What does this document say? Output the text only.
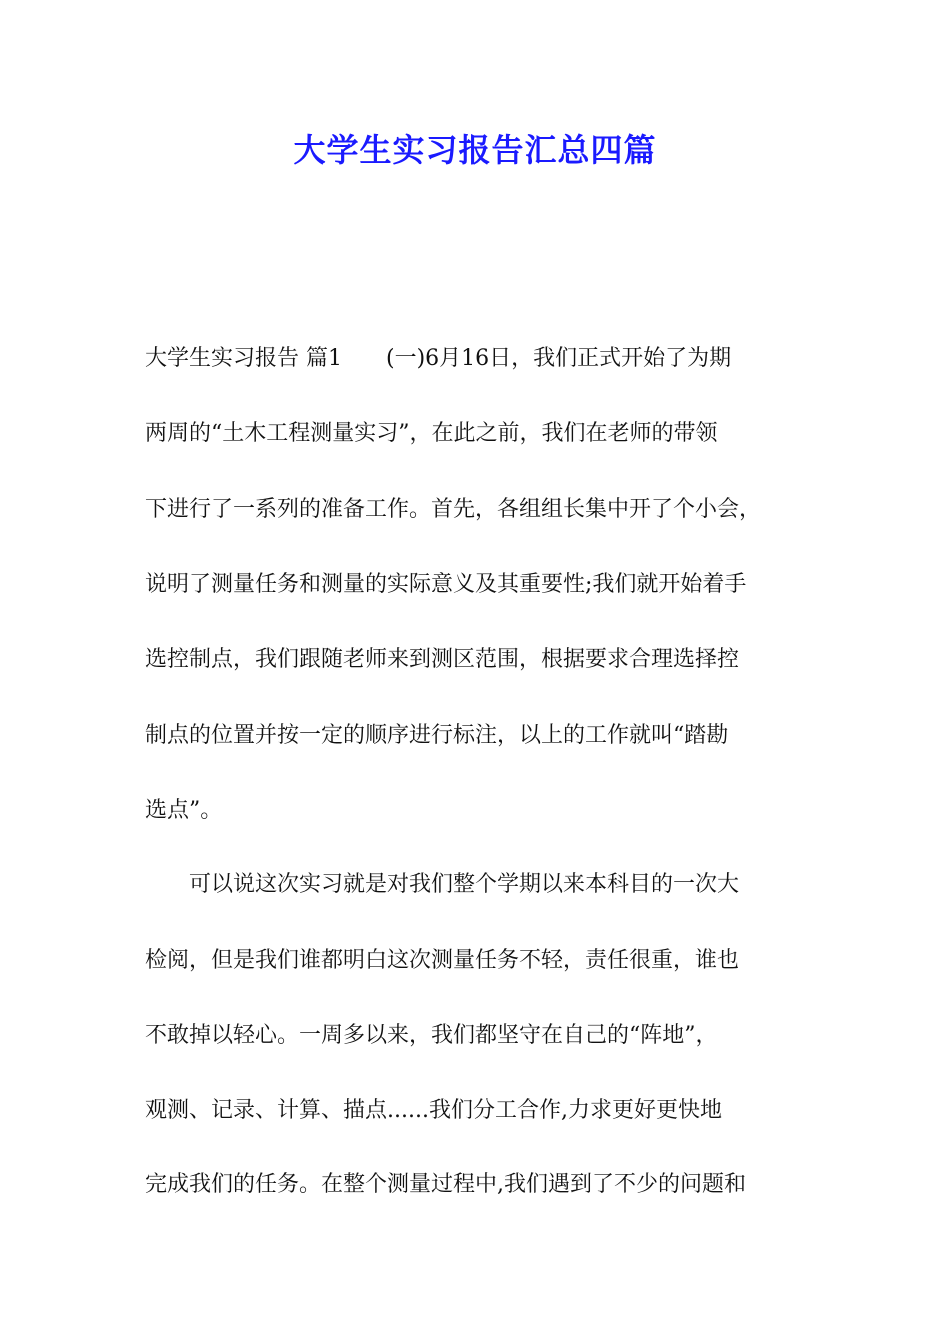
大学生实习报告汇总四篇
大学生实习报告 篇1　　(一)6月16日，我们正式开始了为期
两周的“土木工程测量实习”，在此之前，我们在老师的带领
下进行了一系列的准备工作。首先，各组组长集中开了个小会，
说明了测量任务和测量的实际意义及其重要性;我们就开始着手
选控制点，我们跟随老师来到测区范围，根据要求合理选择控
制点的位置并按一定的顺序进行标注，以上的工作就叫“踏勘
选点”。
　　可以说这次实习就是对我们整个学期以来本科目的一次大
检阅，但是我们谁都明白这次测量任务不轻，责任很重，谁也
不敢掉以轻心。一周多以来，我们都坚守在自己的“阵地”，
观测、记录、计算、描点......我们分工合作,力求更好更快地
完成我们的任务。在整个测量过程中,我们遇到了不少的问题和
